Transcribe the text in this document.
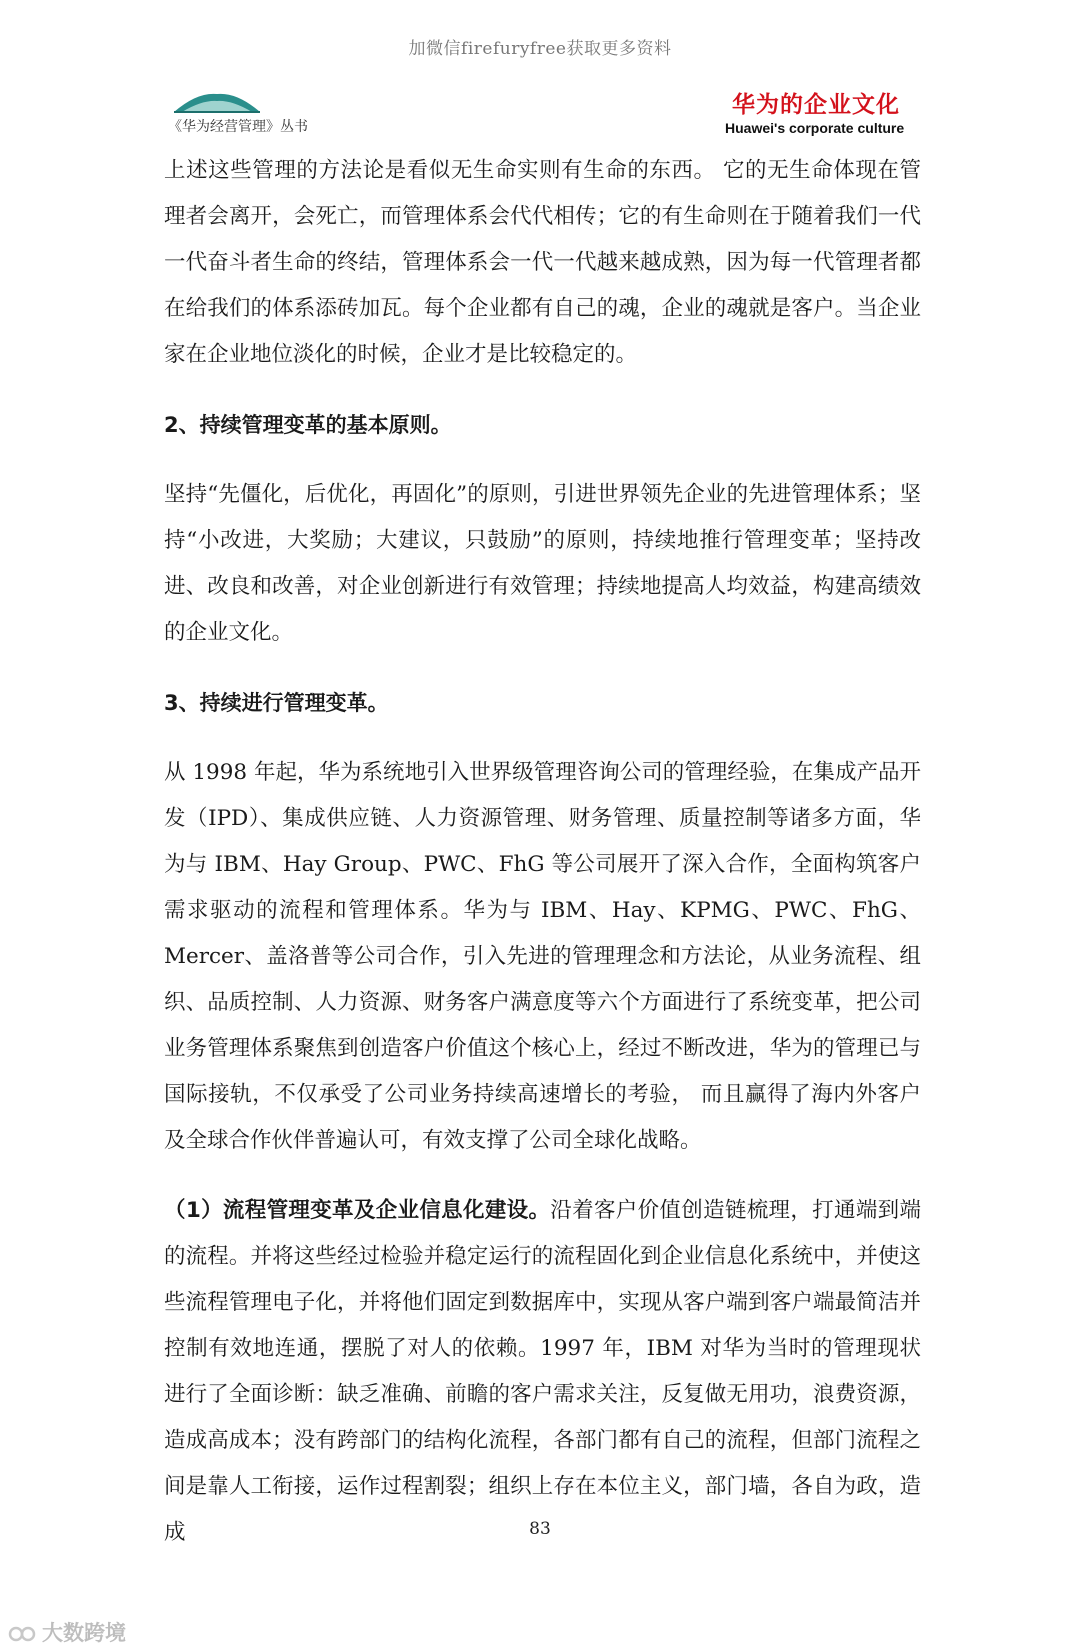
加微信firefuryfree获取更多资料
《华为经营管理》丛书
华为的企业文化
Huawei's corporate culture

上述这些管理的方法论是看似无生命实则有生命的东西。 它的无生命体现在管理者会离开，会死亡，而管理体系会代代相传；它的有生命则在于随着我们一代一代奋斗者生命的终结，管理体系会一代一代越来越成熟，因为每一代管理者都在给我们的体系添砖加瓦。每个企业都有自己的魂，企业的魂就是客户。当企业家在企业地位淡化的时候，企业才是比较稳定的。

2、持续管理变革的基本原则。

坚持“先僵化，后优化，再固化”的原则，引进世界领先企业的先进管理体系；坚持“小改进，大奖励；大建议，只鼓励”的原则，持续地推行管理变革；坚持改进、改良和改善，对企业创新进行有效管理；持续地提高人均效益，构建高绩效的企业文化。

3、持续进行管理变革。

从 1998 年起，华为系统地引入世界级管理咨询公司的管理经验，在集成产品开发（IPD）、集成供应链、人力资源管理、财务管理、质量控制等诸多方面，华为与 IBM、Hay Group、PWC、FhG 等公司展开了深入合作，全面构筑客户需求驱动的流程和管理体系。华为与 IBM、Hay、KPMG、PWC、FhG、Mercer、盖洛普等公司合作，引入先进的管理理念和方法论，从业务流程、组织、品质控制、人力资源、财务客户满意度等六个方面进行了系统变革，把公司业务管理体系聚焦到创造客户价值这个核心上，经过不断改进，华为的管理已与国际接轨，不仅承受了公司业务持续高速增长的考验， 而且赢得了海内外客户及全球合作伙伴普遍认可，有效支撑了公司全球化战略。

（1）流程管理变革及企业信息化建设。沿着客户价值创造链梳理，打通端到端的流程。并将这些经过检验并稳定运行的流程固化到企业信息化系统中，并使这些流程管理电子化，并将他们固定到数据库中，实现从客户端到客户端最简洁并控制有效地连通，摆脱了对人的依赖。1997 年，IBM 对华为当时的管理现状进行了全面诊断：缺乏准确、前瞻的客户需求关注，反复做无用功，浪费资源，造成高成本；没有跨部门的结构化流程，各部门都有自己的流程，但部门流程之间是靠人工衔接，运作过程割裂；组织上存在本位主义，部门墙，各自为政，造成	83
大数跨境
